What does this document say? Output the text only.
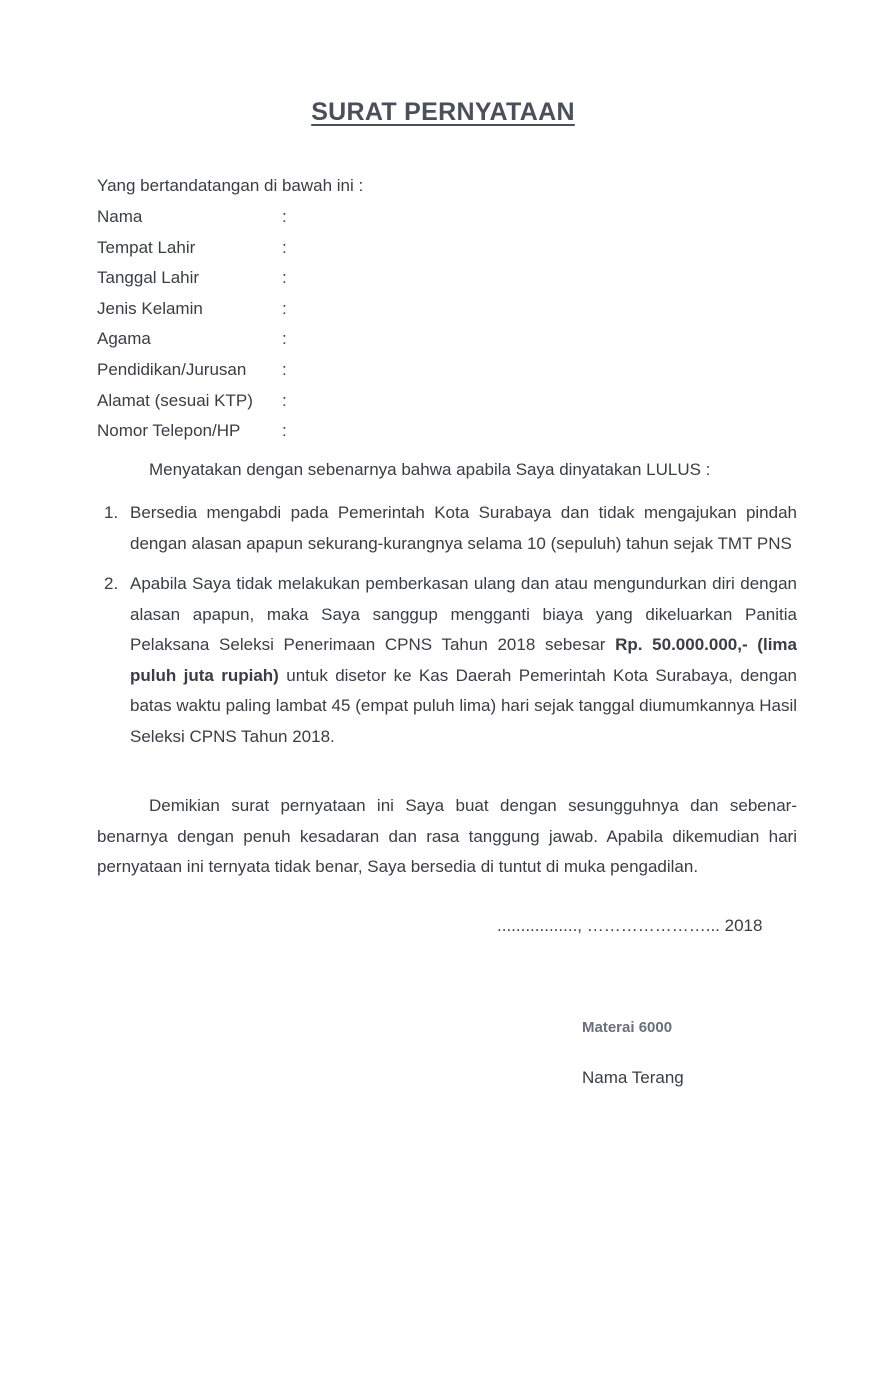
SURAT PERNYATAAN
Yang bertandatangan di bawah ini :
Nama	:
Tempat Lahir	:
Tanggal Lahir	:
Jenis Kelamin	:
Agama	:
Pendidikan/Jurusan :
Alamat (sesuai KTP) :
Nomor Telepon/HP :
Menyatakan dengan sebenarnya bahwa apabila Saya dinyatakan LULUS :
1. Bersedia mengabdi pada Pemerintah Kota Surabaya dan tidak mengajukan pindah dengan alasan apapun sekurang-kurangnya selama 10 (sepuluh) tahun sejak TMT PNS
2. Apabila Saya tidak melakukan pemberkasan ulang dan atau mengundurkan diri dengan alasan apapun, maka Saya sanggup mengganti biaya yang dikeluarkan Panitia Pelaksana Seleksi Penerimaan CPNS Tahun 2018 sebesar Rp. 50.000.000,- (lima puluh juta rupiah) untuk disetor ke Kas Daerah Pemerintah Kota Surabaya, dengan batas waktu paling lambat 45 (empat puluh lima) hari sejak tanggal diumumkannya Hasil Seleksi CPNS Tahun 2018.
Demikian surat pernyataan ini Saya buat dengan sesungguhnya dan sebenar-benarnya dengan penuh kesadaran dan rasa tanggung jawab. Apabila dikemudian hari pernyataan ini ternyata tidak benar, Saya bersedia di tuntut di muka pengadilan.
................., …………………... 2018
Materai 6000
Nama Terang
